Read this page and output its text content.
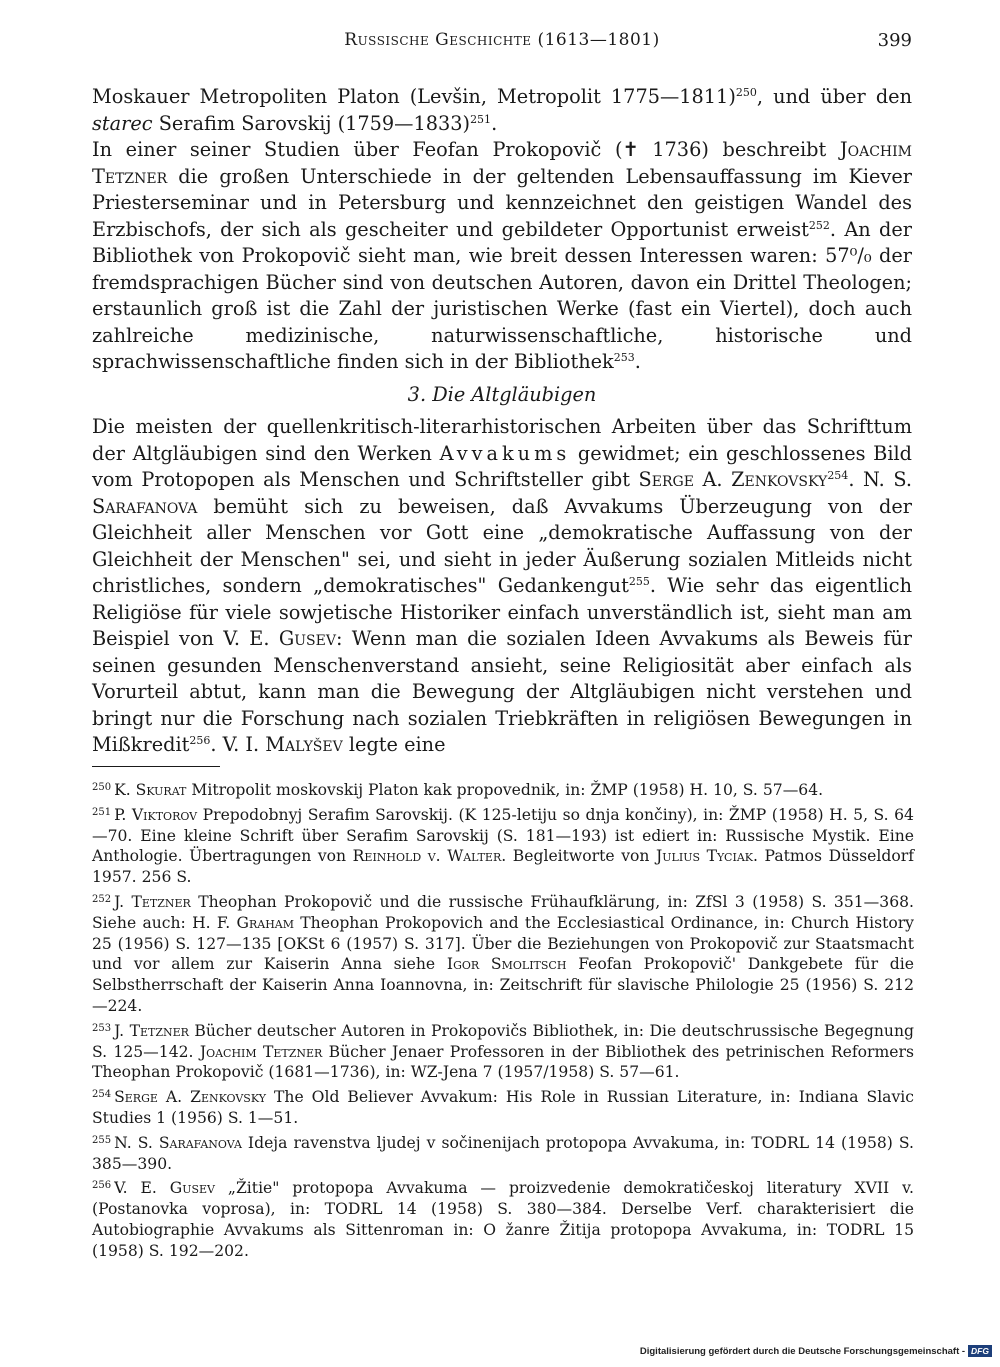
Russische Geschichte (1613—1801)	399

Moskauer Metropoliten Platon (Levšin, Metropolit 1775—1811)$^{250}$, und über den starec Serafim Sarovskij (1759—1833)$^{251}$.

In einer seiner Studien über Feofan Prokopovič (✝ 1736) beschreibt Joachim Tetzner die großen Unterschiede in der geltenden Lebensauffassung im Kiever Priesterseminar und in Petersburg und kennzeichnet den geistigen Wandel des Erzbischofs, der sich als gescheiter und gebildeter Opportunist erweist$^{252}$. An der Bibliothek von Prokopovič sieht man, wie breit dessen Interessen waren: 57⁰/₀ der fremdsprachigen Bücher sind von deutschen Autoren, davon ein Drittel Theologen; erstaunlich groß ist die Zahl der juristischen Werke (fast ein Viertel), doch auch zahlreiche medizinische, naturwissenschaftliche, historische und sprachwissenschaftliche finden sich in der Bibliothek$^{253}$.

3. Die Altgläubigen

Die meisten der quellenkritisch-literarhistorischen Arbeiten über das Schrifttum der Altgläubigen sind den Werken Avvakums gewidmet; ein geschlossenes Bild vom Protopopen als Menschen und Schriftsteller gibt Serge A. Zenkovsky$^{254}$. N. S. Sarafanova bemüht sich zu beweisen, daß Avvakums Überzeugung von der Gleichheit aller Menschen vor Gott eine „demokratische Auffassung von der Gleichheit der Menschen" sei, und sieht in jeder Äußerung sozialen Mitleids nicht christliches, sondern „demokratisches" Gedankengut$^{255}$. Wie sehr das eigentlich Religiöse für viele sowjetische Historiker einfach unverständlich ist, sieht man am Beispiel von V. E. Gusev: Wenn man die sozialen Ideen Avvakums als Beweis für seinen gesunden Menschenverstand ansieht, seine Religiosität aber einfach als Vorurteil abtut, kann man die Bewegung der Altgläubigen nicht verstehen und bringt nur die Forschung nach sozialen Triebkräften in religiösen Bewegungen in Mißkredit$^{256}$. V. I. Malyšev legte eine

$^{250}$ K. Skurat Mitropolit moskovskij Platon kak propovednik, in: ŽMP (1958) H. 10, S. 57—64.

$^{251}$ P. Viktorov Prepodobnyj Serafim Sarovskij. (K 125-letiju so dnja končiny), in: ŽMP (1958) H. 5, S. 64—70. Eine kleine Schrift über Serafim Sarovskij (S. 181—193) ist ediert in: Russische Mystik. Eine Anthologie. Übertragungen von Reinhold v. Walter. Begleitworte von Julius Tyciak. Patmos Düsseldorf 1957. 256 S.

$^{252}$ J. Tetzner Theophan Prokopovič und die russische Frühaufklärung, in: ZfSl 3 (1958) S. 351—368. Siehe auch: H. F. Graham Theophan Prokopovich and the Ecclesiastical Ordinance, in: Church History 25 (1956) S. 127—135 [OKSt 6 (1957) S. 317]. Über die Beziehungen von Prokopovič zur Staatsmacht und vor allem zur Kaiserin Anna siehe Igor Smolitsch Feofan Prokopovič' Dankgebete für die Selbstherrschaft der Kaiserin Anna Ioannovna, in: Zeitschrift für slavische Philologie 25 (1956) S. 212—224.

$^{253}$ J. Tetzner Bücher deutscher Autoren in Prokopovičs Bibliothek, in: Die deutschrussische Begegnung S. 125—142. Joachim Tetzner Bücher Jenaer Professoren in der Bibliothek des petrinischen Reformers Theophan Prokopovič (1681—1736), in: WZ-Jena 7 (1957/1958) S. 57—61.

$^{254}$ Serge A. Zenkovsky The Old Believer Avvakum: His Role in Russian Literature, in: Indiana Slavic Studies 1 (1956) S. 1—51.

$^{255}$ N. S. Sarafanova Ideja ravenstva ljudej v sočinenijach protopopa Avvakuma, in: TODRL 14 (1958) S. 385—390.

$^{256}$ V. E. Gusev „Žitie" protopopa Avvakuma — proizvedenie demokratičeskoj literatury XVII v. (Postanovka voprosa), in: TODRL 14 (1958) S. 380—384. Derselbe Verf. charakterisiert die Autobiographie Avvakums als Sittenroman in: O žanre Žitija protopopa Avvakuma, in: TODRL 15 (1958) S. 192—202.

Digitalisierung gefördert durch die Deutsche Forschungsgemeinschaft - DFG
